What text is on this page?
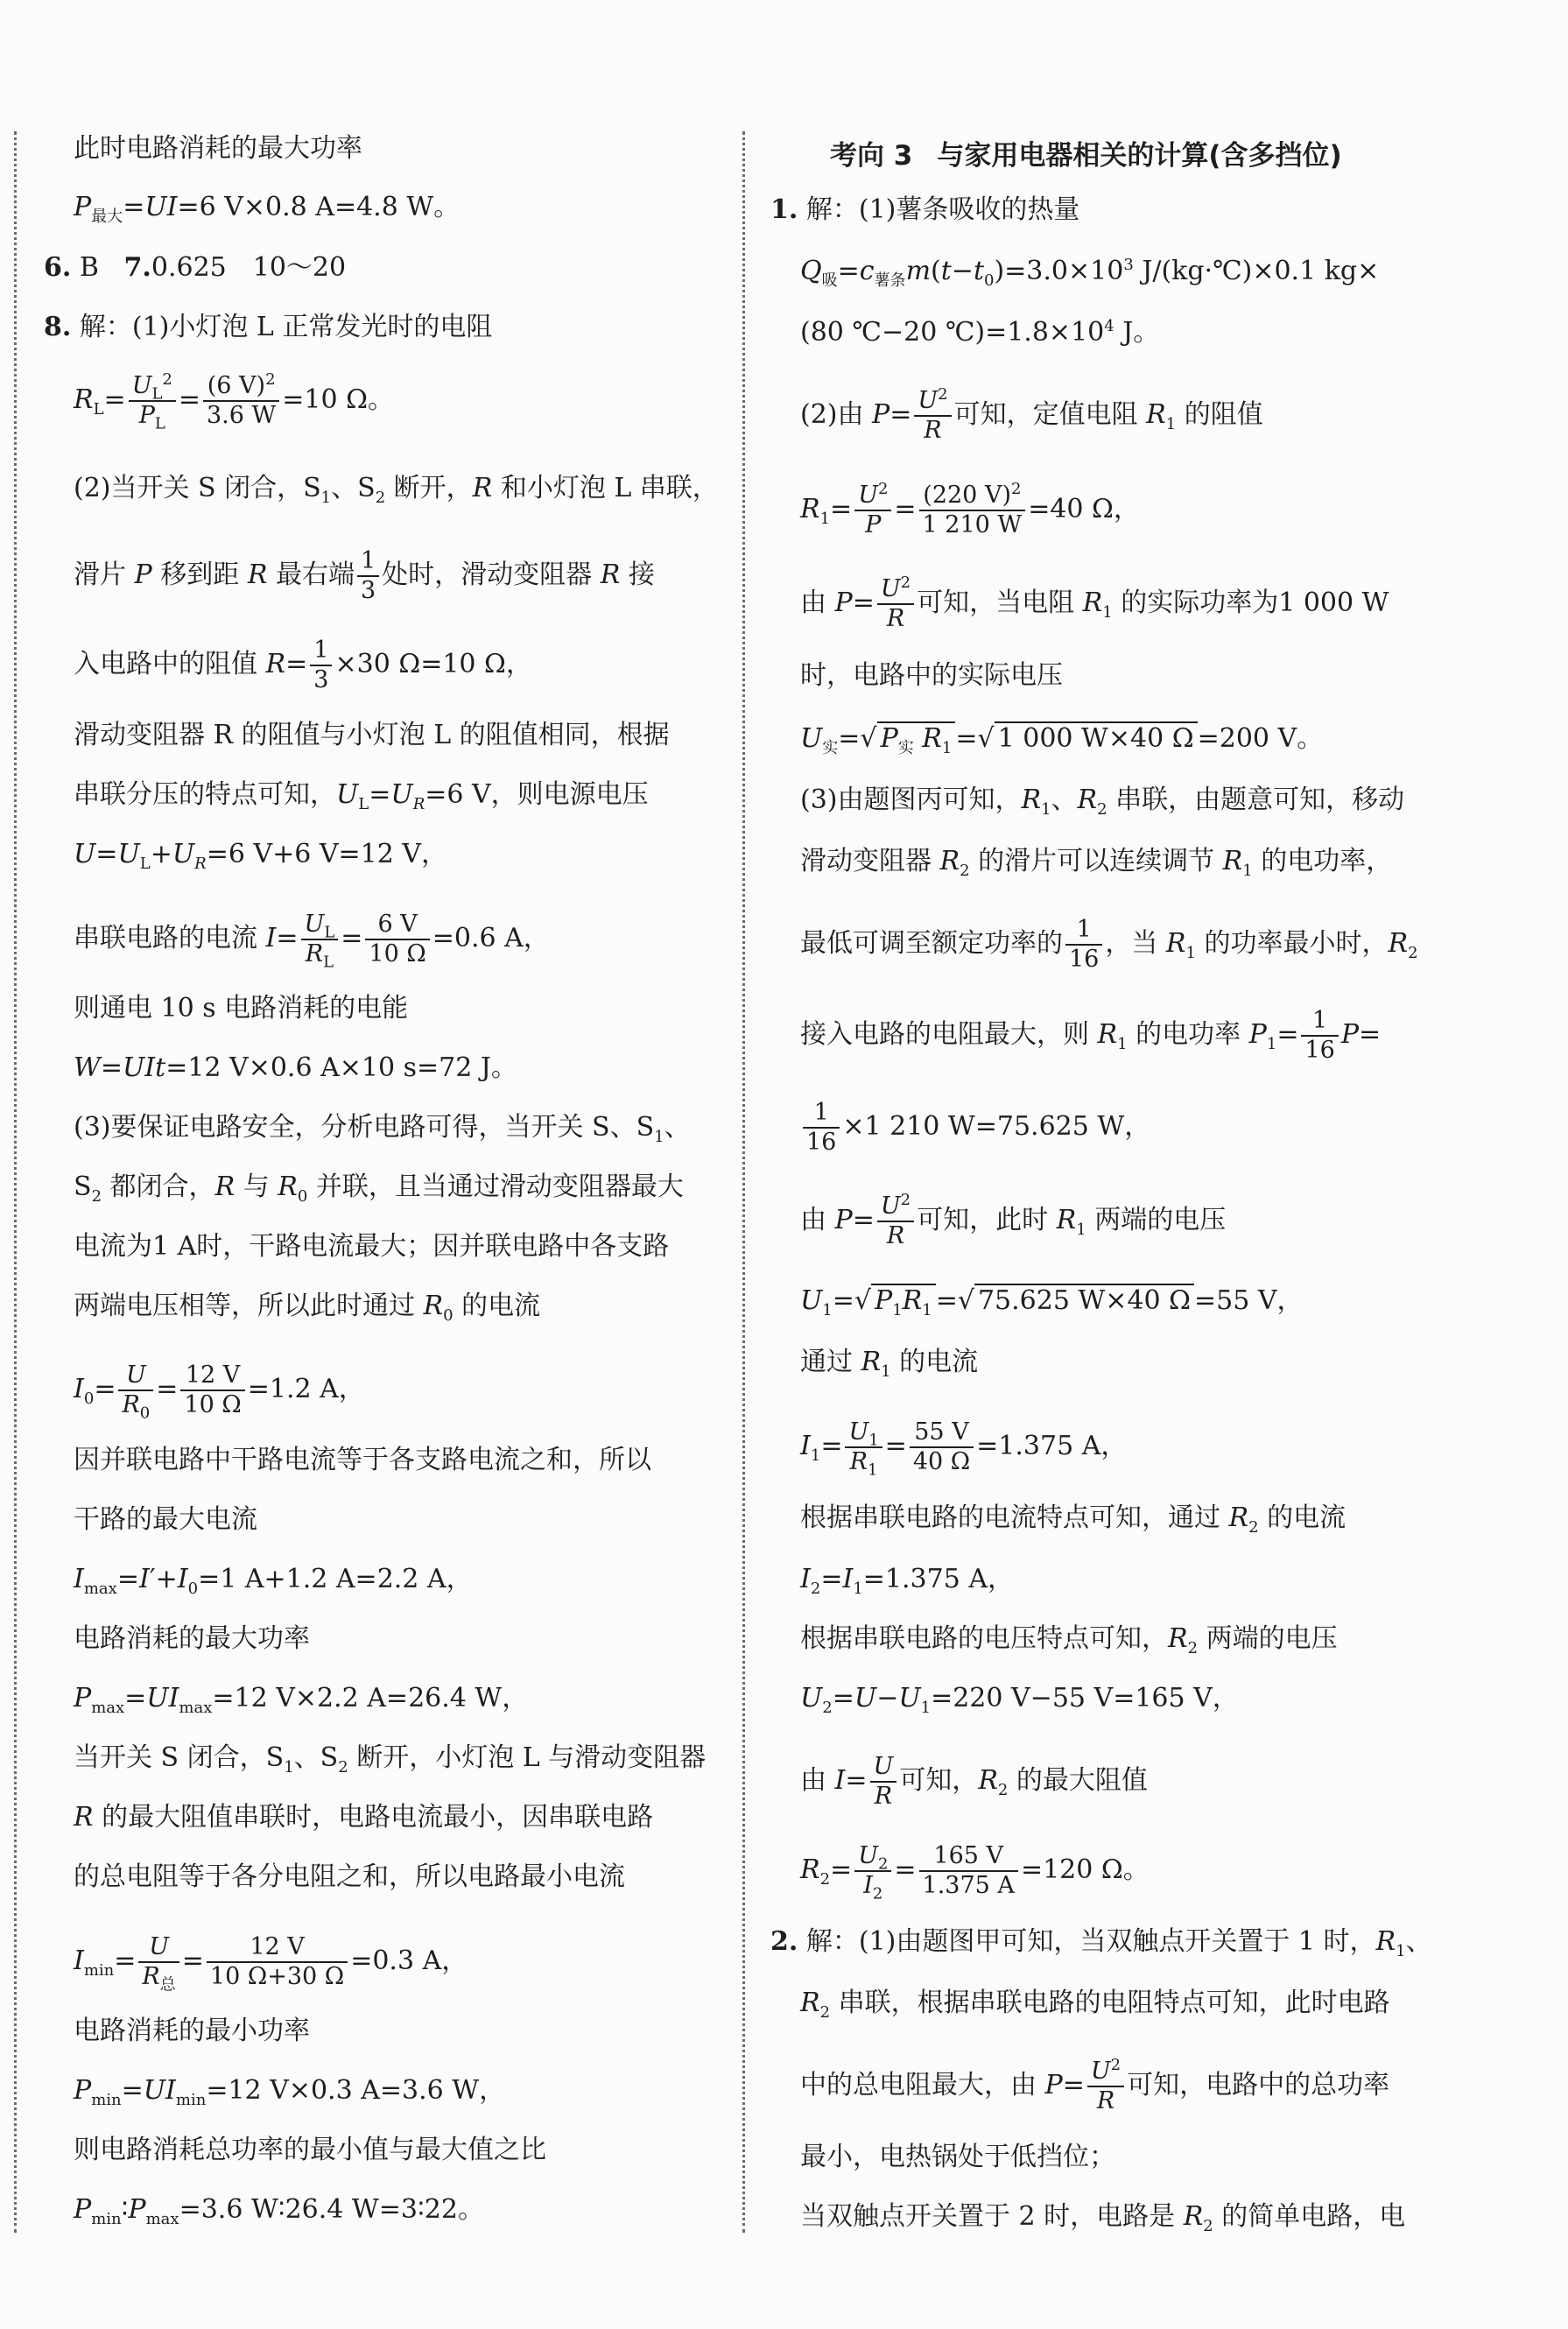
此时电路消耗的最大功率
$P_{最大}=UI=6$ V×0.8 A=4.8 W。
6. B 7.0.625　10～20
8. 解：(1)小灯泡 L 正常发光时的电阻
$R_L= \frac{U_L^2}{P_L} = \frac{(6 V)^2}{3.6 W} =10$ Ω。
(2)当开关 S 闭合，$S_1$、$S_2$ 断开，R 和小灯泡 L 串联，
滑片 P 移到距 R 最右端 $\frac{1}{3}$ 处时，滑动变阻器 R 接
入电路中的阻值 $R= \frac{1}{3} \times 30$ Ω=10 Ω，
滑动变阻器 R 的阻值与小灯泡 L 的阻值相同，根据
串联分压的特点可知，$U_L=U_R=6$ V，则电源电压
$U=U_L+U_R=6$ V+6 V=12 V，
串联电路的电流 $I= \frac{U_L}{R_L} = \frac{6 V}{10 \Omega} =0.6$ A，
则通电 10 s 电路消耗的电能
W=UIt=12 V×0.6 A×10 s=72 J。
(3)要保证电路安全，分析电路可得，当开关 S、$S_1$、
$S_2$ 都闭合，R 与 $R_0$ 并联，且当通过滑动变阻器最大
电流为1 A时，干路电流最大；因并联电路中各支路
两端电压相等，所以此时通过 $R_0$ 的电流
$I_0= \frac{U}{R_0} = \frac{12 V}{10 \Omega} =1.2$ A，
因并联电路中干路电流等于各支路电流之和，所以
干路的最大电流
$I_{max}=I'+I_0=1$ A+1.2 A=2.2 A，
电路消耗的最大功率
$P_{max}=UI_{max}=12$ V×2.2 A=26.4 W，
当开关 S 闭合，$S_1$、$S_2$ 断开，小灯泡 L 与滑动变阻器
R 的最大阻值串联时，电路电流最小，因串联电路
的总电阻等于各分电阻之和，所以电路最小电流
$I_{min}= \frac{U}{R_总} = \frac{12 V}{10 \Omega+30 \Omega} =0.3$ A，
电路消耗的最小功率
$P_{min}=UI_{min}=12$ V×0.3 A=3.6 W，
则电路消耗总功率的最小值与最大值之比
$P_{min}∶P_{max}=3.6$ W∶26.4 W=3∶22。
考向 3 与家用电器相关的计算(含多挡位)
1. 解：(1)薯条吸收的热量
$Q_吸=c_{薯条}m(t-t_0)=3.0\times 10^3$ J/(kg·℃)×0.1 kg×
(80 ℃−20 $℃)=1.8\times 10^4$ J。
(2)由 $P= \frac{U^2}{R}$ 可知，定值电阻 $R_1$ 的阻值
$R_1= \frac{U^2}{P} = \frac{(220 V)^2}{1 210 W} =40$ Ω，
由 $P= \frac{U^2}{R}$ 可知，当电阻 $R_1$ 的实际功率为1 000 W
时，电路中的实际电压
$U_实=√$ $P_实$ $R_1$ =√ 1 000 W×40 Ω =200 V。
(3)由题图丙可知，$R_1$、$R_2$ 串联，由题意可知，移动
滑动变阻器 $R_2$ 的滑片可以连续调节 $R_1$ 的电功率，
最低可调至额定功率的 $\frac{1}{16}$ ，当 $R_1$ 的功率最小时，$R_2$
接入电路的电阻最大，则 $R_1$ 的电功率 $P_1= \frac{1}{16} P=$
$\frac{1}{16} \times 1$ 210 W=75.625 W，
由 $P= \frac{U^2}{R}$ 可知，此时 $R_1$ 两端的电压
$U_1=√$ $P_1R_1$ =√ 75.625 W×40 Ω =55 V，
通过 $R_1$ 的电流
$I_1= \frac{U_1}{R_1} = \frac{55 V}{40 \Omega} =1.375$ A，
根据串联电路的电流特点可知，通过 $R_2$ 的电流
$I_2=I_1=1.375$ A，
根据串联电路的电压特点可知，$R_2$ 两端的电压
$U_2=U-U_1=220$ V−55 V=165 V，
由 $I= \frac{U}{R}$ 可知，$R_2$ 的最大阻值
$R_2= \frac{U_2}{I_2} = \frac{165 V}{1.375 A} =120$ Ω。
2. 解：(1)由题图甲可知，当双触点开关置于 1 时，$R_1$、
$R_2$ 串联，根据串联电路的电阻特点可知，此时电路
中的总电阻最大，由 $P= \frac{U^2}{R}$ 可知，电路中的总功率
最小，电热锅处于低挡位；
当双触点开关置于 2 时，电路是 $R_2$ 的简单电路，电
